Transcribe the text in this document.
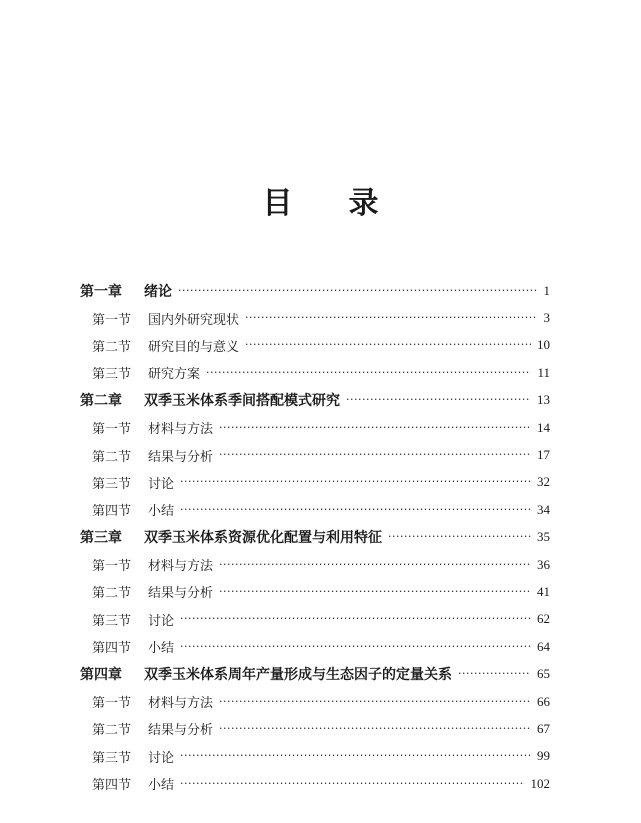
目 录
第一章	绪论 ·····	1
第一节	国内外研究现状 ·····	3
第二节	研究目的与意义 ·····	10
第三节	研究方案 ·····	11
第二章	双季玉米体系季间搭配模式研究 ·····	13
第一节	材料与方法 ·····	14
第二节	结果与分析 ·····	17
第三节	讨论 ·····	32
第四节	小结 ·····	34
第三章	双季玉米体系资源优化配置与利用特征 ·····	35
第一节	材料与方法 ·····	36
第二节	结果与分析 ·····	41
第三节	讨论 ·····	62
第四节	小结 ·····	64
第四章	双季玉米体系周年产量形成与生态因子的定量关系 ·····	65
第一节	材料与方法 ·····	66
第二节	结果与分析 ·····	67
第三节	讨论 ·····	99
第四节	小结 ·····	102
